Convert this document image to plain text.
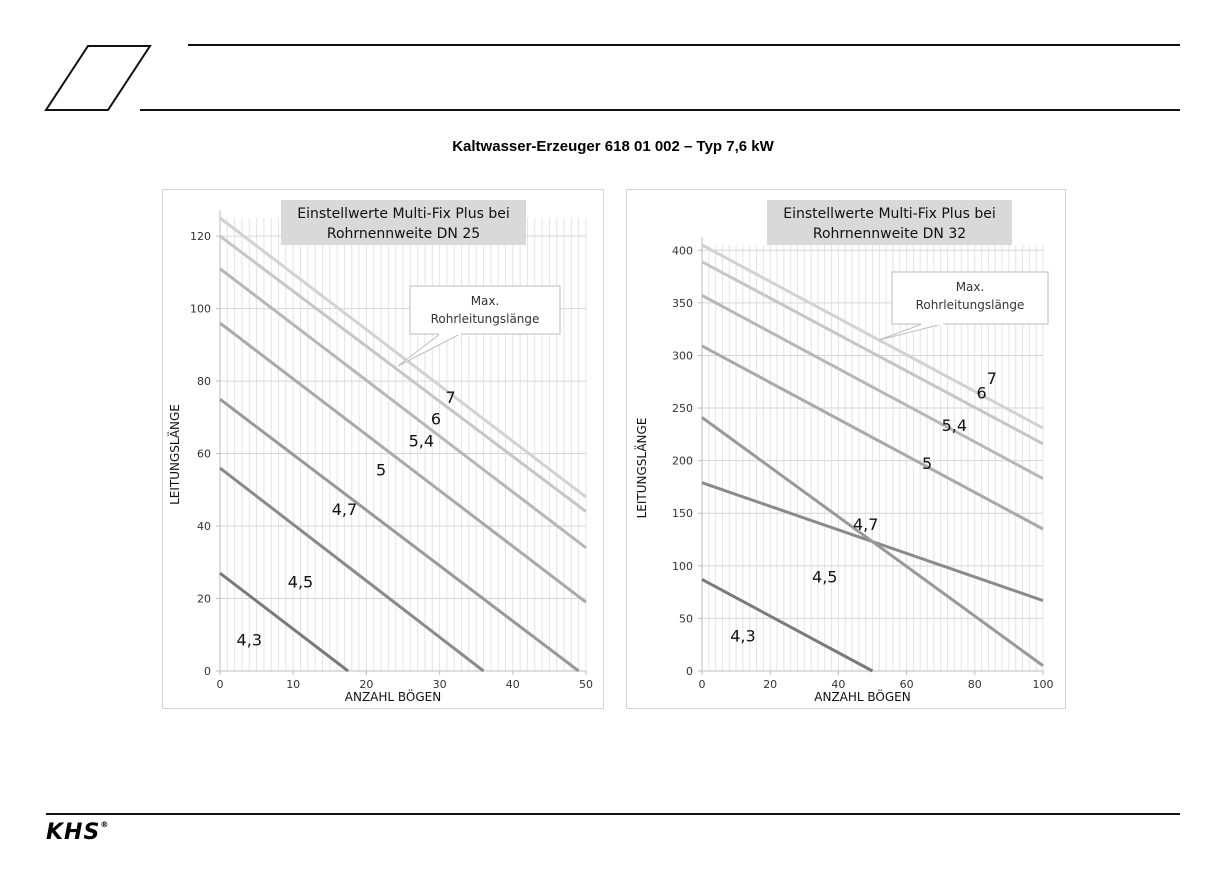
Kaltwasser-Erzeuger 618 01 002 – Typ 7,6 kW
0
20
40
60
80
100
120
0	10	20	30	40	50
4,3
4,5
4,7
5
5,4
6
7
Einstellwerte Multi-Fix Plus bei
Rohrnennweite DN 25
Max.
Rohrleitungslänge
ANZAHL BÖGEN
LEITUNGSLÄNGE
0
50
100
150
200
250
300
350
400
0	20	40	60	80	100
4,3
4,5
4,7
5
5,4
6
7
Einstellwerte Multi-Fix Plus bei
Rohrnennweite DN 32
Max.
Rohrleitungslänge
ANZAHL BÖGEN
LEITUNGSLÄNGE
KHS®
